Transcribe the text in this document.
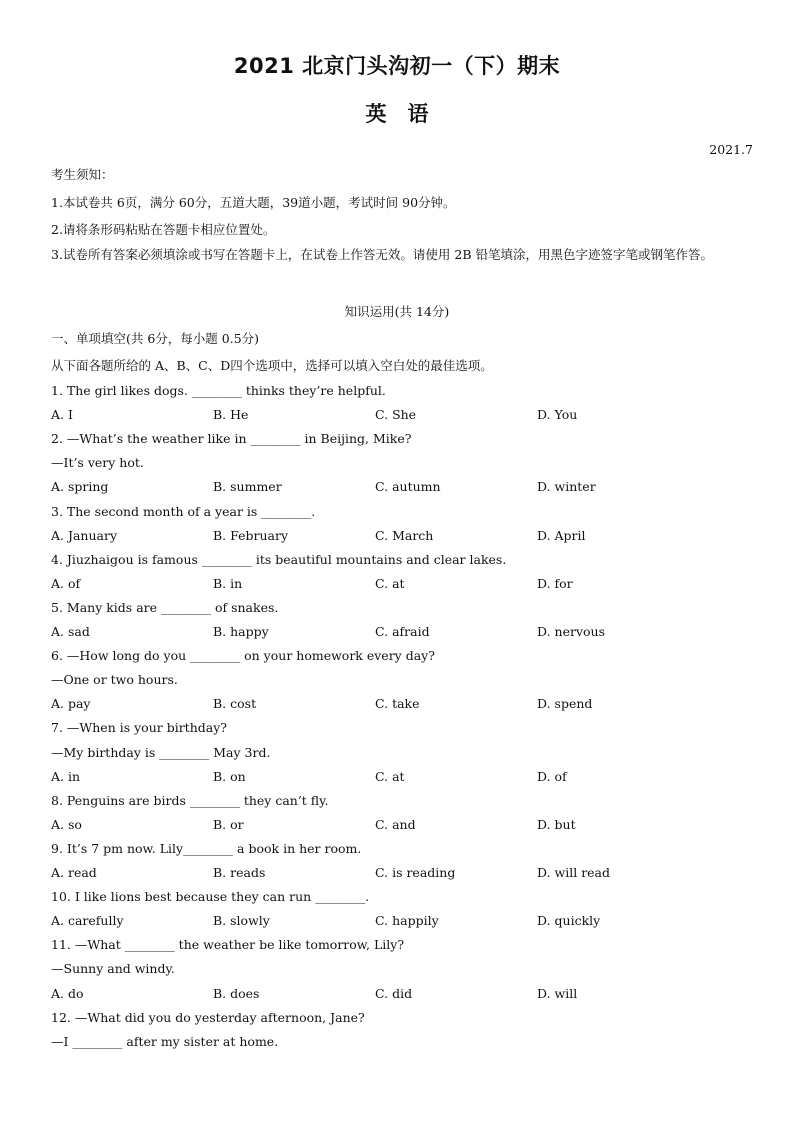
2021 北京门头沟初一（下）期末
英　语
2021.7
考生须知：
1.本试卷共 6页，满分 60分，五道大题，39道小题，考试时间 90分钟。
2.请将条形码粘贴在答题卡相应位置处。
3.试卷所有答案必须填涂或书写在答题卡上，在试卷上作答无效。请使用 2B 铅笔填涂，用黑色字迹签字笔或钢笔作答。
知识运用(共 14分)
一、单项填空(共 6分，每小题 0.5分)
从下面各题所给的 A、B、C、D四个选项中，选择可以填入空白处的最佳选项。
1. The girl likes dogs. ________ thinks they’re helpful.
A. I	B. He	C. She	D. You
2. —What’s the weather like in ________ in Beijing, Mike?
—It’s very hot.
A. spring	B. summer	C. autumn	D. winter
3. The second month of a year is ________.
A. January	B. February	C. March	D. April
4. Jiuzhaigou is famous ________ its beautiful mountains and clear lakes.
A. of	B. in	C. at	D. for
5. Many kids are ________ of snakes.
A. sad	B. happy	C. afraid	D. nervous
6. —How long do you ________ on your homework every day?
—One or two hours.
A. pay	B. cost	C. take	D. spend
7. —When is your birthday?
—My birthday is ________ May 3rd.
A. in	B. on	C. at	D. of
8. Penguins are birds ________ they can’t fly.
A. so	B. or	C. and	D. but
9. It’s 7 pm now. Lily________ a book in her room.
A. read	B. reads	C. is reading	D. will read
10. I like lions best because they can run ________.
A. carefully	B. slowly	C. happily	D. quickly
11. —What ________ the weather be like tomorrow, Lily?
—Sunny and windy.
A. do	B. does	C. did	D. will
12. —What did you do yesterday afternoon, Jane?
—I ________ after my sister at home.
